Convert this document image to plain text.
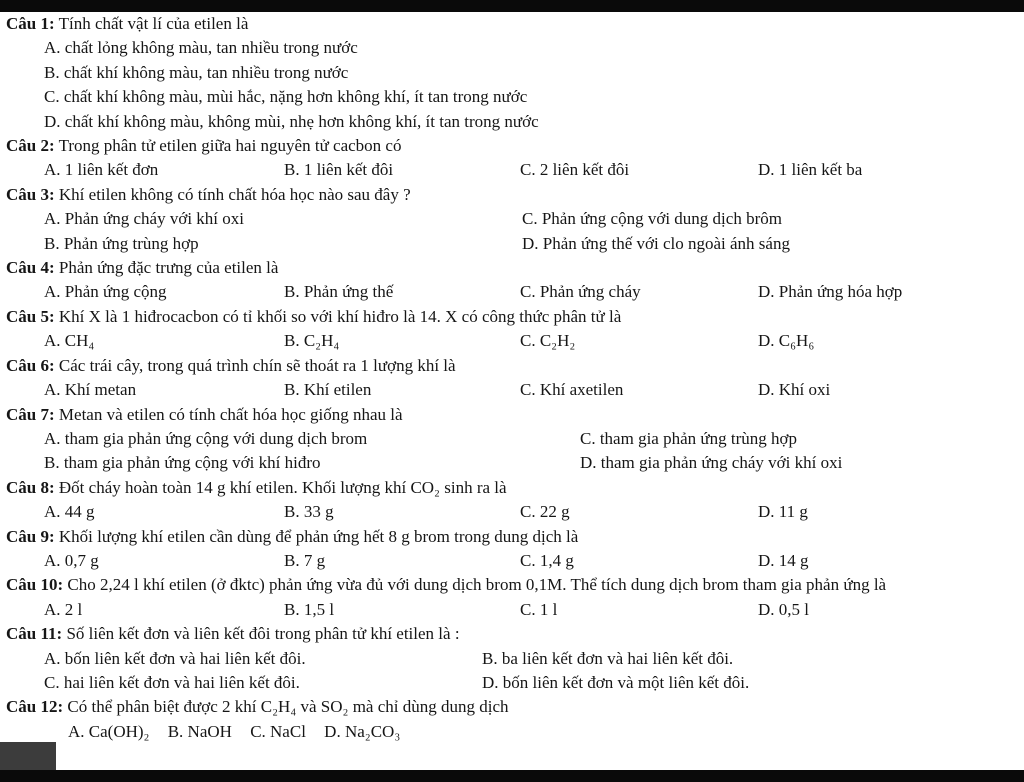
Câu 1: Tính chất vật lí của etilen là
A. chất lỏng không màu, tan nhiều trong nước
B. chất khí không màu, tan nhiều trong nước
C. chất khí không màu, mùi hắc, nặng hơn không khí, ít tan trong nước
D. chất khí không màu, không mùi, nhẹ hơn không khí, ít tan trong nước
Câu 2: Trong phân tử etilen giữa hai nguyên tử cacbon có
A. 1 liên kết đơn	B. 1 liên kết đôi	C. 2 liên kết đôi	D. 1 liên kết ba
Câu 3: Khí etilen không có tính chất hóa học nào sau đây ?
A. Phản ứng cháy với khí oxi	C. Phản ứng cộng với dung dịch brôm
B. Phản ứng trùng hợp	D. Phản ứng thế với clo ngoài ánh sáng
Câu 4: Phản ứng đặc trưng của etilen là
A. Phản ứng cộng	B. Phản ứng thế	C. Phản ứng cháy	D. Phản ứng hóa hợp
Câu 5: Khí X là 1 hiđrocacbon có tỉ khối so với khí hiđro là 14. X có công thức phân tử là
A. CH₄	B. C₂H₄	C. C₂H₂	D. C₆H₆
Câu 6: Các trái cây, trong quá trình chín sẽ thoát ra 1 lượng khí là
A. Khí metan	B. Khí etilen	C. Khí axetilen	D. Khí oxi
Câu 7: Metan và etilen có tính chất hóa học giống nhau là
A. tham gia phản ứng cộng với dung dịch brom	C. tham gia phản ứng trùng hợp
B. tham gia phản ứng cộng với khí hiđro	D. tham gia phản ứng cháy với khí oxi
Câu 8: Đốt cháy hoàn toàn 14 g khí etilen. Khối lượng khí CO₂ sinh ra là
A. 44 g	B. 33 g	C. 22 g	D. 11 g
Câu 9: Khối lượng khí etilen cần dùng để phản ứng hết 8 g brom trong dung dịch là
A. 0,7 g	B. 7 g	C. 1,4 g	D. 14 g
Câu 10: Cho 2,24 l khí etilen (ở đktc) phản ứng vừa đủ với dung dịch brom 0,1M. Thể tích dung dịch brom tham gia phản ứng là
A. 2 l	B. 1,5 l	C. 1 l	D. 0,5 l
Câu 11: Số liên kết đơn và liên kết đôi trong phân tử khí etilen là :
A. bốn liên kết đơn và hai liên kết đôi.	B. ba liên kết đơn và hai liên kết đôi.
C. hai liên kết đơn và hai liên kết đôi.	D. bốn liên kết đơn và một liên kết đôi.
Câu 12: Có thể phân biệt được 2 khí C₂H₄ và SO₂ mà chỉ dùng dung dịch
A. Ca(OH)₂ B. NaOH C. NaCl D. Na₂CO₃
